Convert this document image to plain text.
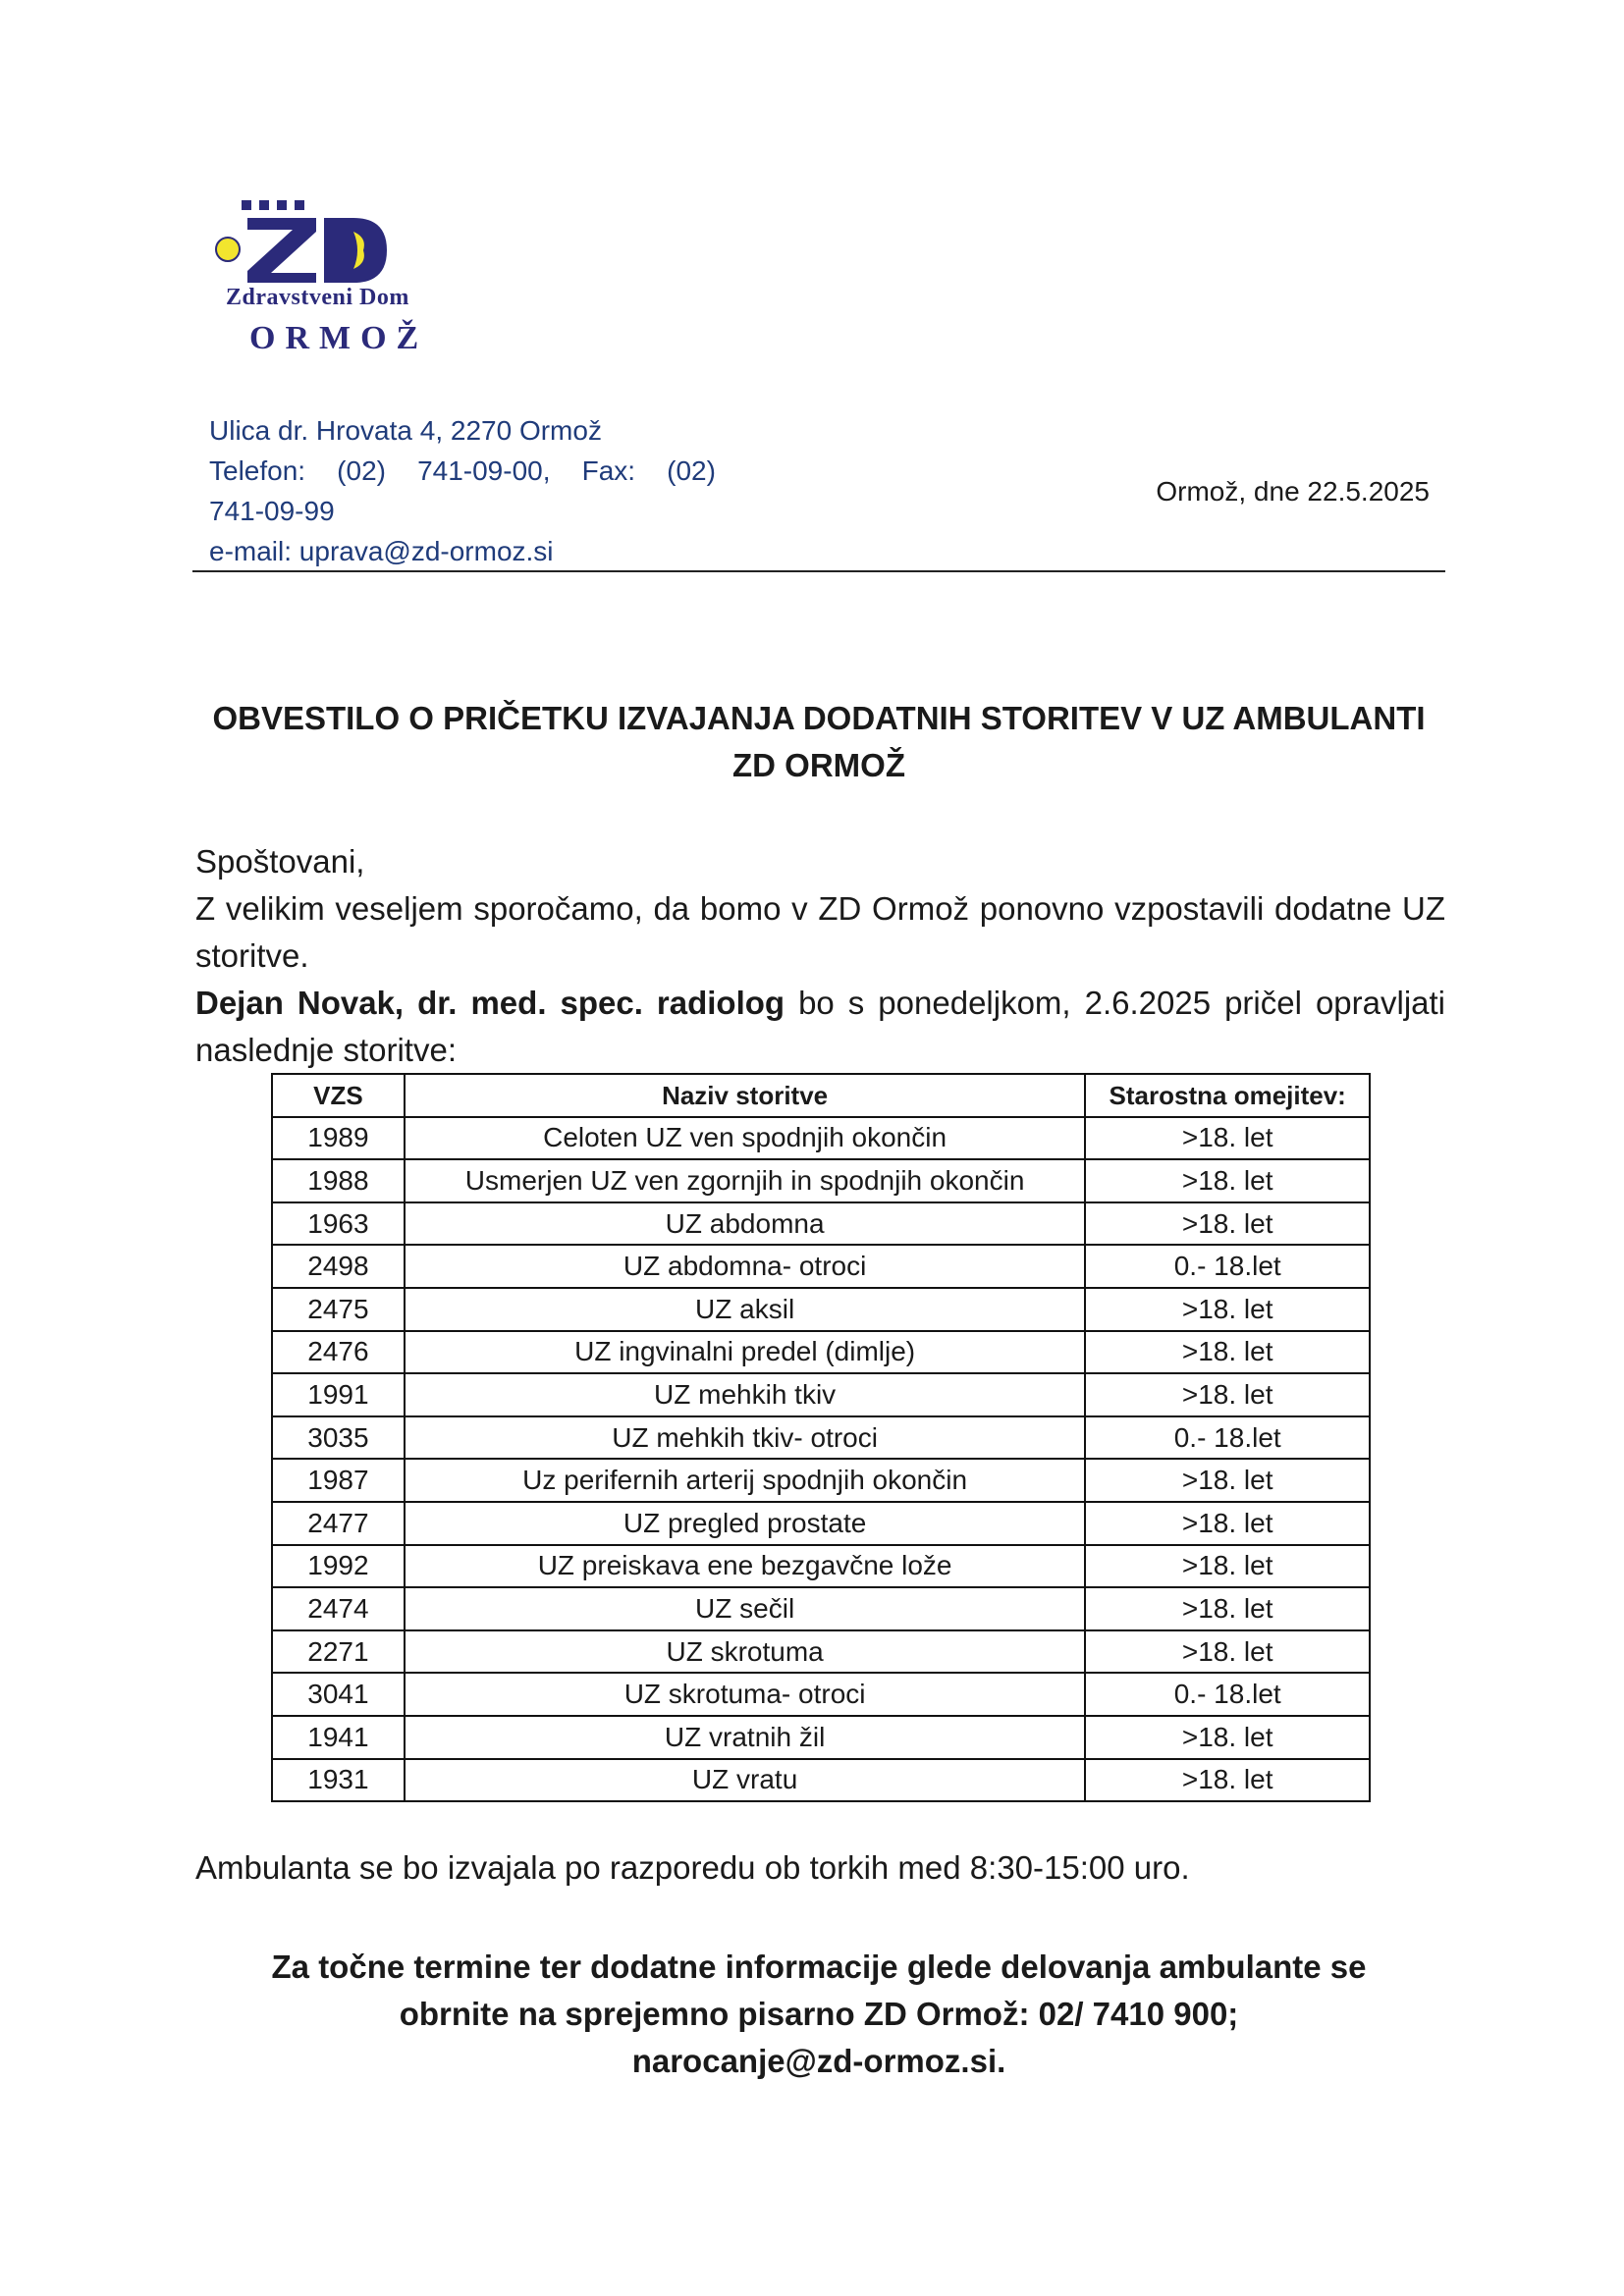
Zdravstveni Dom
ORMOŽ
Ulica dr. Hrovata 4, 2270 Ormož
Telefon: (02) 741-09-00, Fax: (02)
741-09-99
e-mail: uprava@zd-ormoz.si
Ormož, dne 22.5.2025
OBVESTILO O PRIČETKU IZVAJANJA DODATNIH STORITEV V UZ AMBULANTI
ZD ORMOŽ

Spoštovani,

Z velikim veseljem sporočamo, da bomo v ZD Ormož ponovno vzpostavili dodatne UZ storitve.

Dejan Novak, dr. med. spec. radiolog bo s ponedeljkom, 2.6.2025 pričel opravljati naslednje storitve:

VZS	Naziv storitve	Starostna omejitev:
1989	Celoten UZ ven spodnjih okončin	>18. let
1988	Usmerjen UZ ven zgornjih in spodnjih okončin	>18. let
1963	UZ abdomna	>18. let
2498	UZ abdomna- otroci	0.- 18.let
2475	UZ aksil	>18. let
2476	UZ ingvinalni predel (dimlje)	>18. let
1991	UZ mehkih tkiv	>18. let
3035	UZ mehkih tkiv- otroci	0.- 18.let
1987	Uz perifernih arterij spodnjih okončin	>18. let
2477	UZ pregled prostate	>18. let
1992	UZ preiskava ene bezgavčne lože	>18. let
2474	UZ sečil	>18. let
2271	UZ skrotuma	>18. let
3041	UZ skrotuma- otroci	0.- 18.let
1941	UZ vratnih žil	>18. let
1931	UZ vratu	>18. let
Ambulanta se bo izvajala po razporedu ob torkih med 8:30-15:00 uro.
Za točne termine ter dodatne informacije glede delovanja ambulante se
obrnite na sprejemno pisarno ZD Ormož: 02/ 7410 900;
narocanje@zd-ormoz.si.
